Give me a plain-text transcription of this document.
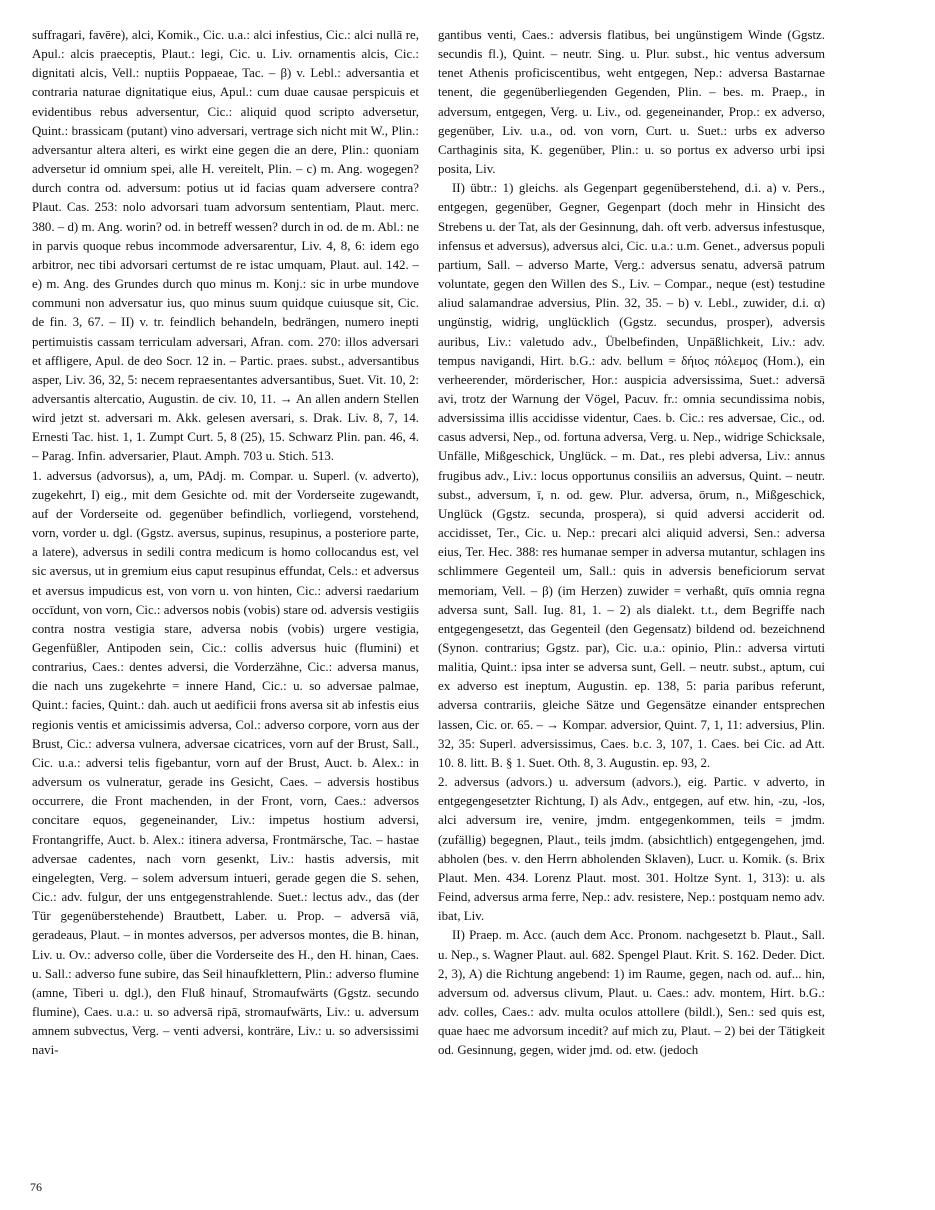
suffragari, favēre), alci, Komik., Cic. u.a.: alci infestius, Cic.: alci nullā re, Apul.: alcis praeceptis, Plaut.: legi, Cic. u. Liv. ornamentis alcis, Cic.: dignitati alcis, Vell.: nuptiis Poppaeae, Tac. – β) v. Lebl.: adversantia et contraria naturae dignitatique eius, Apul.: cum duae causae perspicuis et evidentibus rebus adversentur, Cic.: aliquid quod scripto adversetur, Quint.: brassicam (putant) vino adversari, vertrage sich nicht mit W., Plin.: adversantur altera alteri, es wirkt eine gegen die an dere, Plin.: quoniam adversetur id omnium spei, alle H. vereitelt, Plin. – c) m. Ang. wogegen? durch contra od. adversum: potius ut id facias quam adversere contra? Plaut. Cas. 253: nolo advorsari tuam advorsum sententiam, Plaut. merc. 380. – d) m. Ang. worin? od. in betreff wessen? durch in od. de m. Abl.: ne in parvis quoque rebus incommode adversarentur, Liv. 4, 8, 6: idem ego arbitror, nec tibi advorsari certumst de re istac umquam, Plaut. aul. 142. – e) m. Ang. des Grundes durch quo minus m. Konj.: sic in urbe mundove communi non adversatur ius, quo minus suum quidque cuiusque sit, Cic. de fin. 3, 67. – II) v. tr. feindlich behandeln, bedrängen, numero inepti pertimuistis cassam terriculam adversari, Afran. com. 270: illos adversari et affligere, Apul. de deo Socr. 12 in. – Partic. praes. subst., adversantibus asper, Liv. 36, 32, 5: necem repraesentantes adversantibus, Suet. Vit. 10, 2: adversantis altercatio, Augustin. de civ. 10, 11. → An allen andern Stellen wird jetzt st. adversari m. Akk. gelesen aversari, s. Drak. Liv. 8, 7, 14. Ernesti Tac. hist. 1, 1. Zumpt Curt. 5, 8 (25), 15. Schwarz Plin. pan. 46, 4. – Parag. Infin. adversarier, Plaut. Amph. 703 u. Stich. 513.

1. adversus (advorsus), a, um, PAdj. m. Compar. u. Superl. (v. adverto), zugekehrt, I) eig., mit dem Gesichte od. mit der Vorderseite zugewandt, auf der Vorderseite od. gegenüber befindlich, vorliegend, vorstehend, vorn, vorder u. dgl. (Ggstz. aversus, supinus, resupinus, a posteriore parte, a latere), adversus in sedili contra medicum is homo collocandus est, vel sic aversus, ut in gremium eius caput resupinus effundat, Cels.: et adversus et aversus impudicus est, von vorn u. von hinten, Cic.: adversi raedarium occīdunt, von vorn, Cic.: adversos nobis (vobis) stare od. adversis vestigiis contra nostra vestigia stare, adversa nobis (vobis) urgere vestigia, Gegenfüßler, Antipoden sein, Cic.: collis adversus huic (flumini) et contrarius, Caes.: dentes adversi, die Vorderzähne, Cic.: adversa manus, die nach uns zugekehrte = innere Hand, Cic.: u. so adversae palmae, Quint.: facies, Quint.: dah. auch ut aedificii frons aversa sit ab infestis eius regionis ventis et amicissimis adversa, Col.: adverso corpore, vorn aus der Brust, Cic.: adversa vulnera, adversae cicatrices, vorn auf der Brust, Sall., Cic. u.a.: adversi telis figebantur, vorn auf der Brust, Auct. b. Alex.: in adversum os vulneratur, gerade ins Gesicht, Caes. – adversis hostibus occurrere, die Front machenden, in der Front, vorn, Caes.: adversos concitare equos, gegeneinander, Liv.: impetus hostium adversi, Frontangriffe, Auct. b. Alex.: itinera adversa, Frontmärsche, Tac. – hastae adversae cadentes, nach vorn gesenkt, Liv.: hastis adversis, mit eingelegten, Verg. – solem adversum intueri, gerade gegen die S. sehen, Cic.: adv. fulgur, der uns entgegenstrahlende. Suet.: lectus adv., das (der Tür gegenüberstehende) Brautbett, Laber. u. Prop. – adversā viā, geradeaus, Plaut. – in montes adversos, per adversos montes, die B. hinan, Liv. u. Ov.: adverso colle, über die Vorderseite des H., den H. hinan, Caes. u. Sall.: adverso fune subire, das Seil hinaufklettern, Plin.: adverso flumine (amne, Tiberi u. dgl.), den Fluß hinauf, Stromaufwärts (Ggstz. secundo flumine), Caes. u.a.: u. so adversā ripā, stromaufwärts, Liv.: u. adversum amnem subvectus, Verg. – venti adversi, konträre, Liv.: u. so adversissimi navi-

gantibus venti, Caes.: adversis flatibus, bei ungünstigem Winde (Ggstz. secundis fl.), Quint. – neutr. Sing. u. Plur. subst., hic ventus adversum tenet Athenis proficiscentibus, weht entgegen, Nep.: adversa Bastarnae tenent, die gegenüberliegenden Gegenden, Plin. – bes. m. Praep., in adversum, entgegen, Verg. u. Liv., od. gegeneinander, Prop.: ex adverso, gegenüber, Liv. u.a., od. von vorn, Curt. u. Suet.: urbs ex adverso Carthaginis sita, K. gegenüber, Plin.: u. so portus ex adverso urbi ipsi posita, Liv.

II) übtr.: 1) gleichs. als Gegenpart gegenüberstehend, d.i. a) v. Pers., entgegen, gegenüber, Gegner, Gegenpart (doch mehr in Hinsicht des Strebens u. der Tat, als der Gesinnung, dah. oft verb. adversus infestusque, infensus et adversus), adversus alci, Cic. u.a.: u.m. Genet., adversus populi partium, Sall. – adverso Marte, Verg.: adversus senatu, adversā patrum voluntate, gegen den Willen des S., Liv. – Compar., neque (est) testudine aliud salamandrae adversius, Plin. 32, 35. – b) v. Lebl., zuwider, d.i. α) ungünstig, widrig, unglücklich (Ggstz. secundus, prosper), adversis auribus, Liv.: valetudo adv., Übelbefinden, Unpäßlichkeit, Liv.: adv. tempus navigandi, Hirt. b.G.: adv. bellum = δήιος πόλεμος (Hom.), ein verheerender, mörderischer, Hor.: auspicia adversissima, Suet.: adversā avi, trotz der Warnung der Vögel, Pacuv. fr.: omnia secundissima nobis, adversissima illis accidisse videntur, Caes. b. Cic.: res adversae, Cic., od. casus adversi, Nep., od. fortuna adversa, Verg. u. Nep., widrige Schicksale, Unfälle, Mißgeschick, Unglück. – m. Dat., res plebi adversa, Liv.: annus frugibus adv., Liv.: locus opportunus consiliis an adversus, Quint. – neutr. subst., adversum, ī, n. od. gew. Plur. adversa, ōrum, n., Mißgeschick, Unglück (Ggstz. secunda, prospera), si quid adversi acciderit od. accidisset, Ter., Cic. u. Nep.: precari alci aliquid adversi, Sen.: adversa eius, Ter. Hec. 388: res humanae semper in adversa mutantur, schlagen ins schlimmere Gegenteil um, Sall.: quis in adversis beneficiorum servat memoriam, Vell. – β) (im Herzen) zuwider = verhaßt, quīs omnia regna adversa sunt, Sall. Iug. 81, 1. – 2) als dialekt. t.t., dem Begriffe nach entgegengesetzt, das Gegenteil (den Gegensatz) bildend od. bezeichnend (Synon. contrarius; Ggstz. par), Cic. u.a.: opinio, Plin.: adversa virtuti malitia, Quint.: ipsa inter se adversa sunt, Gell. – neutr. subst., aptum, cui ex adverso est ineptum, Augustin. ep. 138, 5: paria paribus referunt, adversa contrariis, gleiche Sätze und Gegensätze einander entsprechen lassen, Cic. or. 65. – → Kompar. adversior, Quint. 7, 1, 11: adversius, Plin. 32, 35: Superl. adversissimus, Caes. b.c. 3, 107, 1. Caes. bei Cic. ad Att. 10. 8. litt. B. § 1. Suet. Oth. 8, 3. Augustin. ep. 93, 2.

2. adversus (advors.) u. adversum (advors.), eig. Partic. v adverto, in entgegengesetzter Richtung, I) als Adv., entgegen, auf etw. hin, -zu, -los, alci adversum ire, venire, jmdm. entgegenkommen, teils = jmdm. (zufällig) begegnen, Plaut., teils jmdm. (absichtlich) entgegengehen, jmd. abholen (bes. v. den Herrn abholenden Sklaven), Lucr. u. Komik. (s. Brix Plaut. Men. 434. Lorenz Plaut. most. 301. Holtze Synt. 1, 313): u. als Feind, adversus arma ferre, Nep.: adv. resistere, Nep.: postquam nemo adv. ibat, Liv.

II) Praep. m. Acc. (auch dem Acc. Pronom. nachgesetzt b. Plaut., Sall. u. Nep., s. Wagner Plaut. aul. 682. Spengel Plaut. Krit. S. 162. Deder. Dict. 2, 3), A) die Richtung angebend: 1) im Raume, gegen, nach od. auf... hin, adversum od. adversus clivum, Plaut. u. Caes.: adv. montem, Hirt. b.G.: adv. colles, Caes.: adv. multa oculos attollere (bildl.), Sen.: sed quis est, quae haec me advorsum incedit? auf mich zu, Plaut. – 2) bei der Tätigkeit od. Gesinnung, gegen, wider jmd. od. etw. (jedoch

76
